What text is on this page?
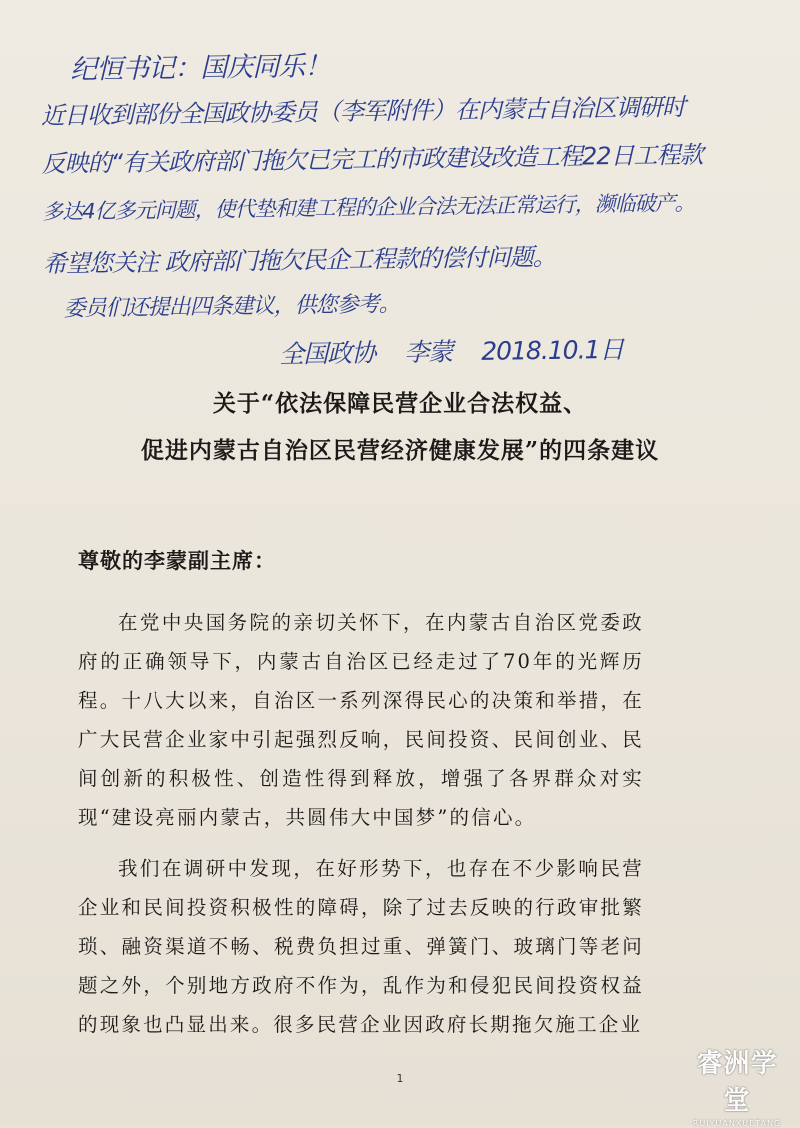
纪恒书记：国庆同乐！
近日收到部份全国政协委员（李军附件）在内蒙古自治区调研时
反映的“有关政府部门拖欠已完工的市政建设改造工程22日工程款
多达4亿多元问题，使代垫和建工程的企业合法无法正常运行，濒临破产。
希望您关注 政府部门拖欠民企工程款的偿付问题。
委员们还提出四条建议，供您参考。
全国政协 李蒙 2018.10.1日
关于“依法保障民营企业合法权益、
促进内蒙古自治区民营经济健康发展”的四条建议
尊敬的李蒙副主席：

在党中央国务院的亲切关怀下，在内蒙古自治区党委政府的正确领导下，内蒙古自治区已经走过了70年的光辉历程。十八大以来，自治区一系列深得民心的决策和举措，在广大民营企业家中引起强烈反响，民间投资、民间创业、民间创新的积极性、创造性得到释放，增强了各界群众对实现“建设亮丽内蒙古，共圆伟大中国梦”的信心。

我们在调研中发现，在好形势下，也存在不少影响民营企业和民间投资积极性的障碍，除了过去反映的行政审批繁琐、融资渠道不畅、税费负担过重、弹簧门、玻璃门等老问题之外，个别地方政府不作为，乱作为和侵犯民间投资权益的现象也凸显出来。很多民营企业因政府长期拖欠施工企业

1	睿洲学堂
RUIYUANXUETANG
